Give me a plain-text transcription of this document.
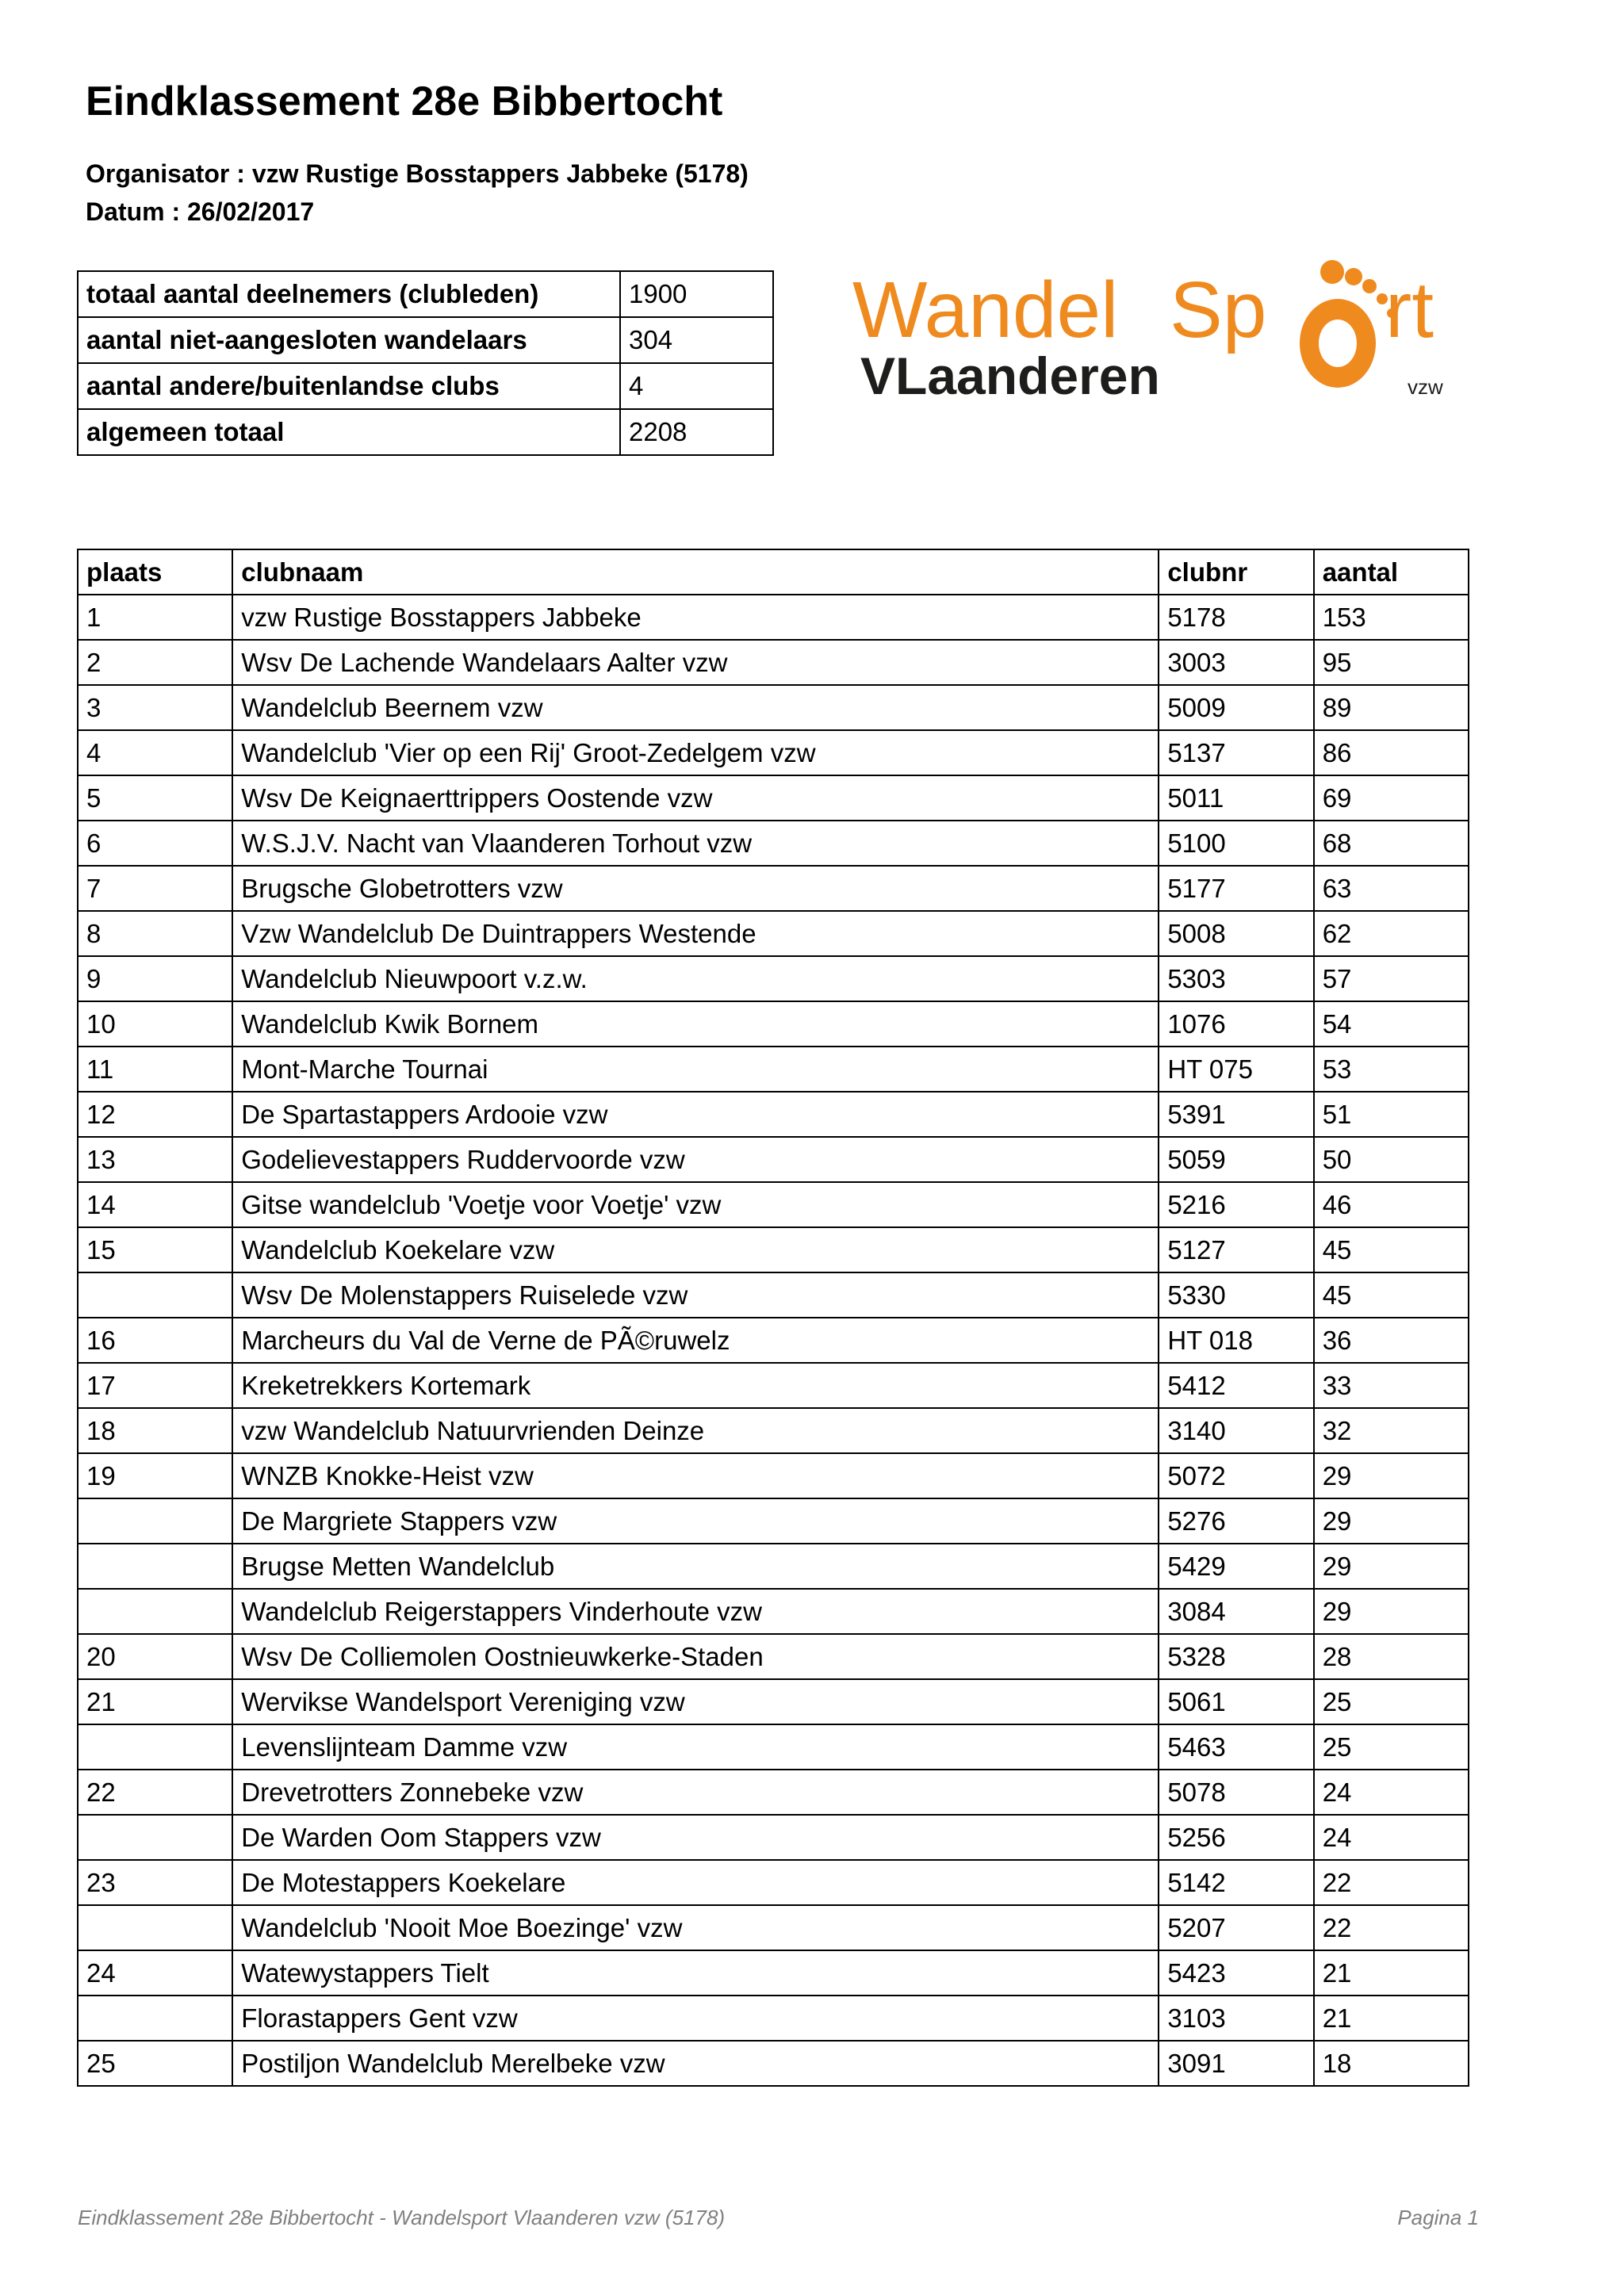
Eindklassement 28e Bibbertocht
Organisator : vzw Rustige Bosstappers Jabbeke (5178)
Datum : 26/02/2017
totaal aantal deelnemers (clubleden)	1900
aantal niet-aangesloten wandelaars	304
aantal andere/buitenlandse clubs	4
algemeen totaal	2208
Wandel Sp rt
VLaanderen	vzw
plaats	clubnaam	clubnr	aantal
1	vzw Rustige Bosstappers Jabbeke	5178	153
2	Wsv De Lachende Wandelaars Aalter vzw	3003	95
3	Wandelclub Beernem vzw	5009	89
4	Wandelclub 'Vier op een Rij' Groot-Zedelgem vzw	5137	86
5	Wsv De Keignaerttrippers Oostende vzw	5011	69
6	W.S.J.V. Nacht van Vlaanderen Torhout vzw	5100	68
7	Brugsche Globetrotters vzw	5177	63
8	Vzw Wandelclub De Duintrappers Westende	5008	62
9	Wandelclub Nieuwpoort v.z.w.	5303	57
10	Wandelclub Kwik Bornem	1076	54
11	Mont-Marche Tournai	HT 075	53
12	De Spartastappers Ardooie vzw	5391	51
13	Godelievestappers Ruddervoorde vzw	5059	50
14	Gitse wandelclub 'Voetje voor Voetje' vzw	5216	46
15	Wandelclub Koekelare vzw	5127	45
	Wsv De Molenstappers Ruiselede vzw	5330	45
16	Marcheurs du Val de Verne de PÃ©ruwelz	HT 018	36
17	Kreketrekkers Kortemark	5412	33
18	vzw Wandelclub Natuurvrienden Deinze	3140	32
19	WNZB Knokke-Heist vzw	5072	29
	De Margriete Stappers vzw	5276	29
	Brugse Metten Wandelclub	5429	29
	Wandelclub Reigerstappers Vinderhoute vzw	3084	29
20	Wsv De Colliemolen Oostnieuwkerke-Staden	5328	28
21	Wervikse Wandelsport Vereniging vzw	5061	25
	Levenslijnteam Damme vzw	5463	25
22	Drevetrotters Zonnebeke vzw	5078	24
	De Warden Oom Stappers vzw	5256	24
23	De Motestappers Koekelare	5142	22
	Wandelclub 'Nooit Moe Boezinge' vzw	5207	22
24	Watewystappers Tielt	5423	21
	Florastappers Gent vzw	3103	21
25	Postiljon Wandelclub Merelbeke vzw	3091	18
Eindklassement 28e Bibbertocht - Wandelsport Vlaanderen vzw (5178)	Pagina 1
